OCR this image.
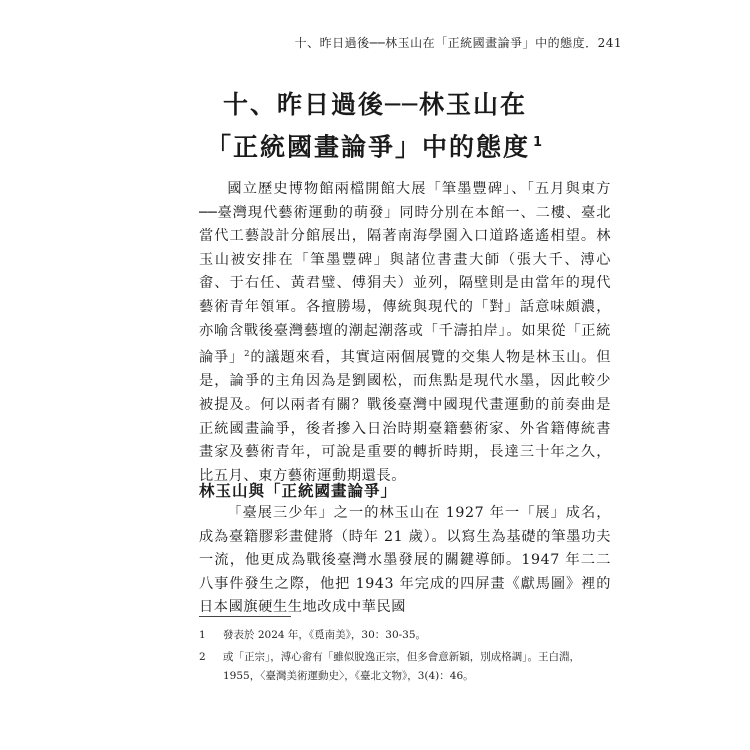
十、昨日過後──林玉山在「正統國畫論爭」中的態度．241
十、昨日過後──林玉山在
「正統國畫論爭」中的態度 $^1$

國立歷史博物館兩檔開館大展「筆墨豐碑」、「五月與東方──臺灣現代藝術運動的萌發」同時分別在本館一、二樓、臺北當代工藝設計分館展出，隔著南海學園入口道路遙遙相望。林玉山被安排在「筆墨豐碑」與諸位書畫大師（張大千、溥心畬、于右任、黃君璧、傅狷夫）並列，隔壁則是由當年的現代藝術青年領軍。各擅勝場，傳統與現代的「對」話意味頗濃，亦喻含戰後臺灣藝壇的潮起潮落或「千濤拍岸」。如果從「正統論爭」$^2$的議題來看，其實這兩個展覽的交集人物是林玉山。但是，論爭的主角因為是劉國松，而焦點是現代水墨，因此較少被提及。何以兩者有關？戰後臺灣中國現代畫運動的前奏曲是正統國畫論爭，後者摻入日治時期臺籍藝術家、外省籍傳統書畫家及藝術青年，可說是重要的轉折時期，長達三十年之久，比五月、東方藝術運動期還長。

林玉山與「正統國畫論爭」

「臺展三少年」之一的林玉山在 1927 年一「展」成名，成為臺籍膠彩畫健將（時年 21 歲）。以寫生為基礎的筆墨功夫一流，他更成為戰後臺灣水墨發展的關鍵導師。1947 年二二八事件發生之際，他把 1943 年完成的四屏畫《獻馬圖》裡的日本國旗硬生生地改成中華民國

1	發表於 2024 年，《覓南美》，30：30-35。
2	或「正宗」，溥心畬有「雖似脫逸正宗，但多會意新穎，別成格調」。王白淵，1955，〈臺灣美術運動史〉，《臺北文物》，3(4)：46。
